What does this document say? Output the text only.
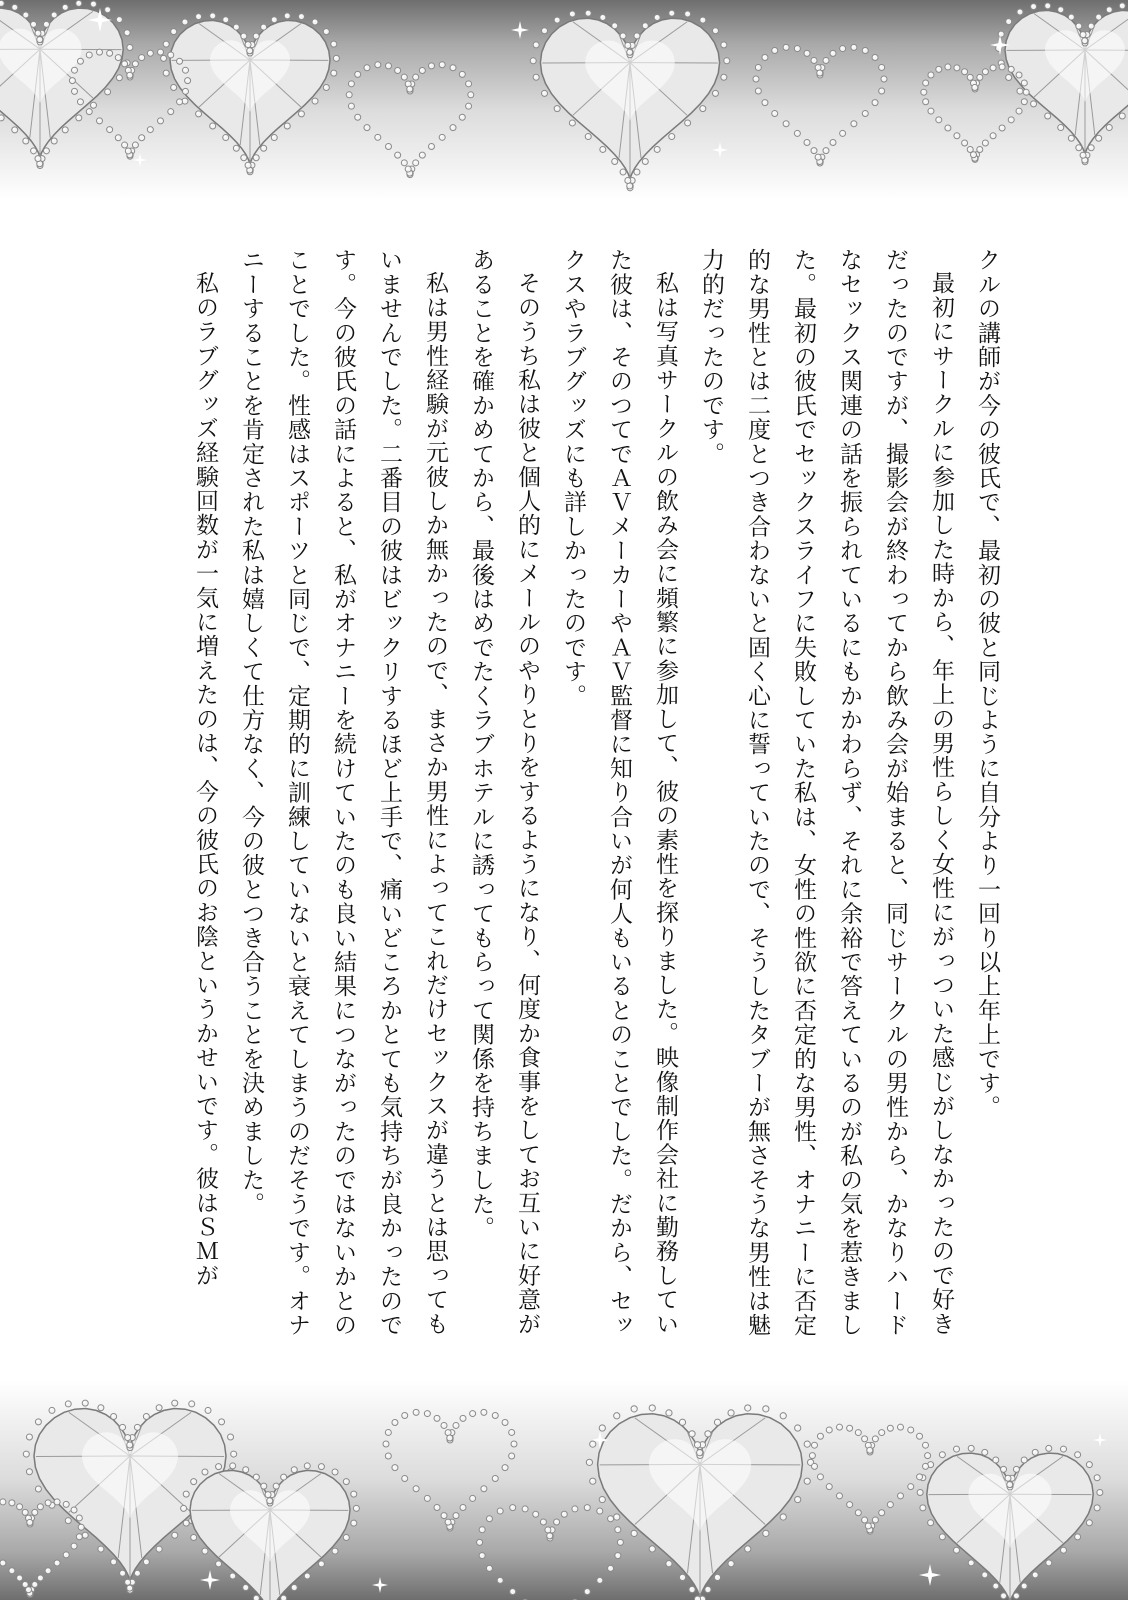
クルの講師が今の彼氏で、最初の彼と同じように自分より一回り以上年上です。

最初にサークルに参加した時から、年上の男性らしく女性にがっついた感じがしなかったので好きだったのですが、撮影会が終わってから飲み会が始まると、同じサークルの男性から、かなりハードなセックス関連の話を振られているにもかかわらず、それに余裕で答えているのが私の気を惹きました。最初の彼氏でセックスライフに失敗していた私は、女性の性欲に否定的な男性、オナニーに否定的な男性とは二度とつき合わないと固く心に誓っていたので、そうしたタブーが無さそうな男性は魅力的だったのです。

私は写真サークルの飲み会に頻繁に参加して、彼の素性を探りました。映像制作会社に勤務していた彼は、そのつてでＡＶメーカーやＡＶ監督に知り合いが何人もいるとのことでした。だから、セックスやラブグッズにも詳しかったのです。

そのうち私は彼と個人的にメールのやりとりをするようになり、何度か食事をしてお互いに好意があることを確かめてから、最後はめでたくラブホテルに誘ってもらって関係を持ちました。

私は男性経験が元彼しか無かったので、まさか男性によってこれだけセックスが違うとは思ってもいませんでした。二番目の彼はビックリするほど上手で、痛いどころかとても気持ちが良かったのです。今の彼氏の話によると、私がオナニーを続けていたのも良い結果につながったのではないかとのことでした。性感はスポーツと同じで、定期的に訓練していないと衰えてしまうのだそうです。オナニーすることを肯定された私は嬉しくて仕方なく、今の彼とつき合うことを決めました。

私のラブグッズ経験回数が一気に増えたのは、今の彼氏のお陰というかせいです。彼はＳＭが
